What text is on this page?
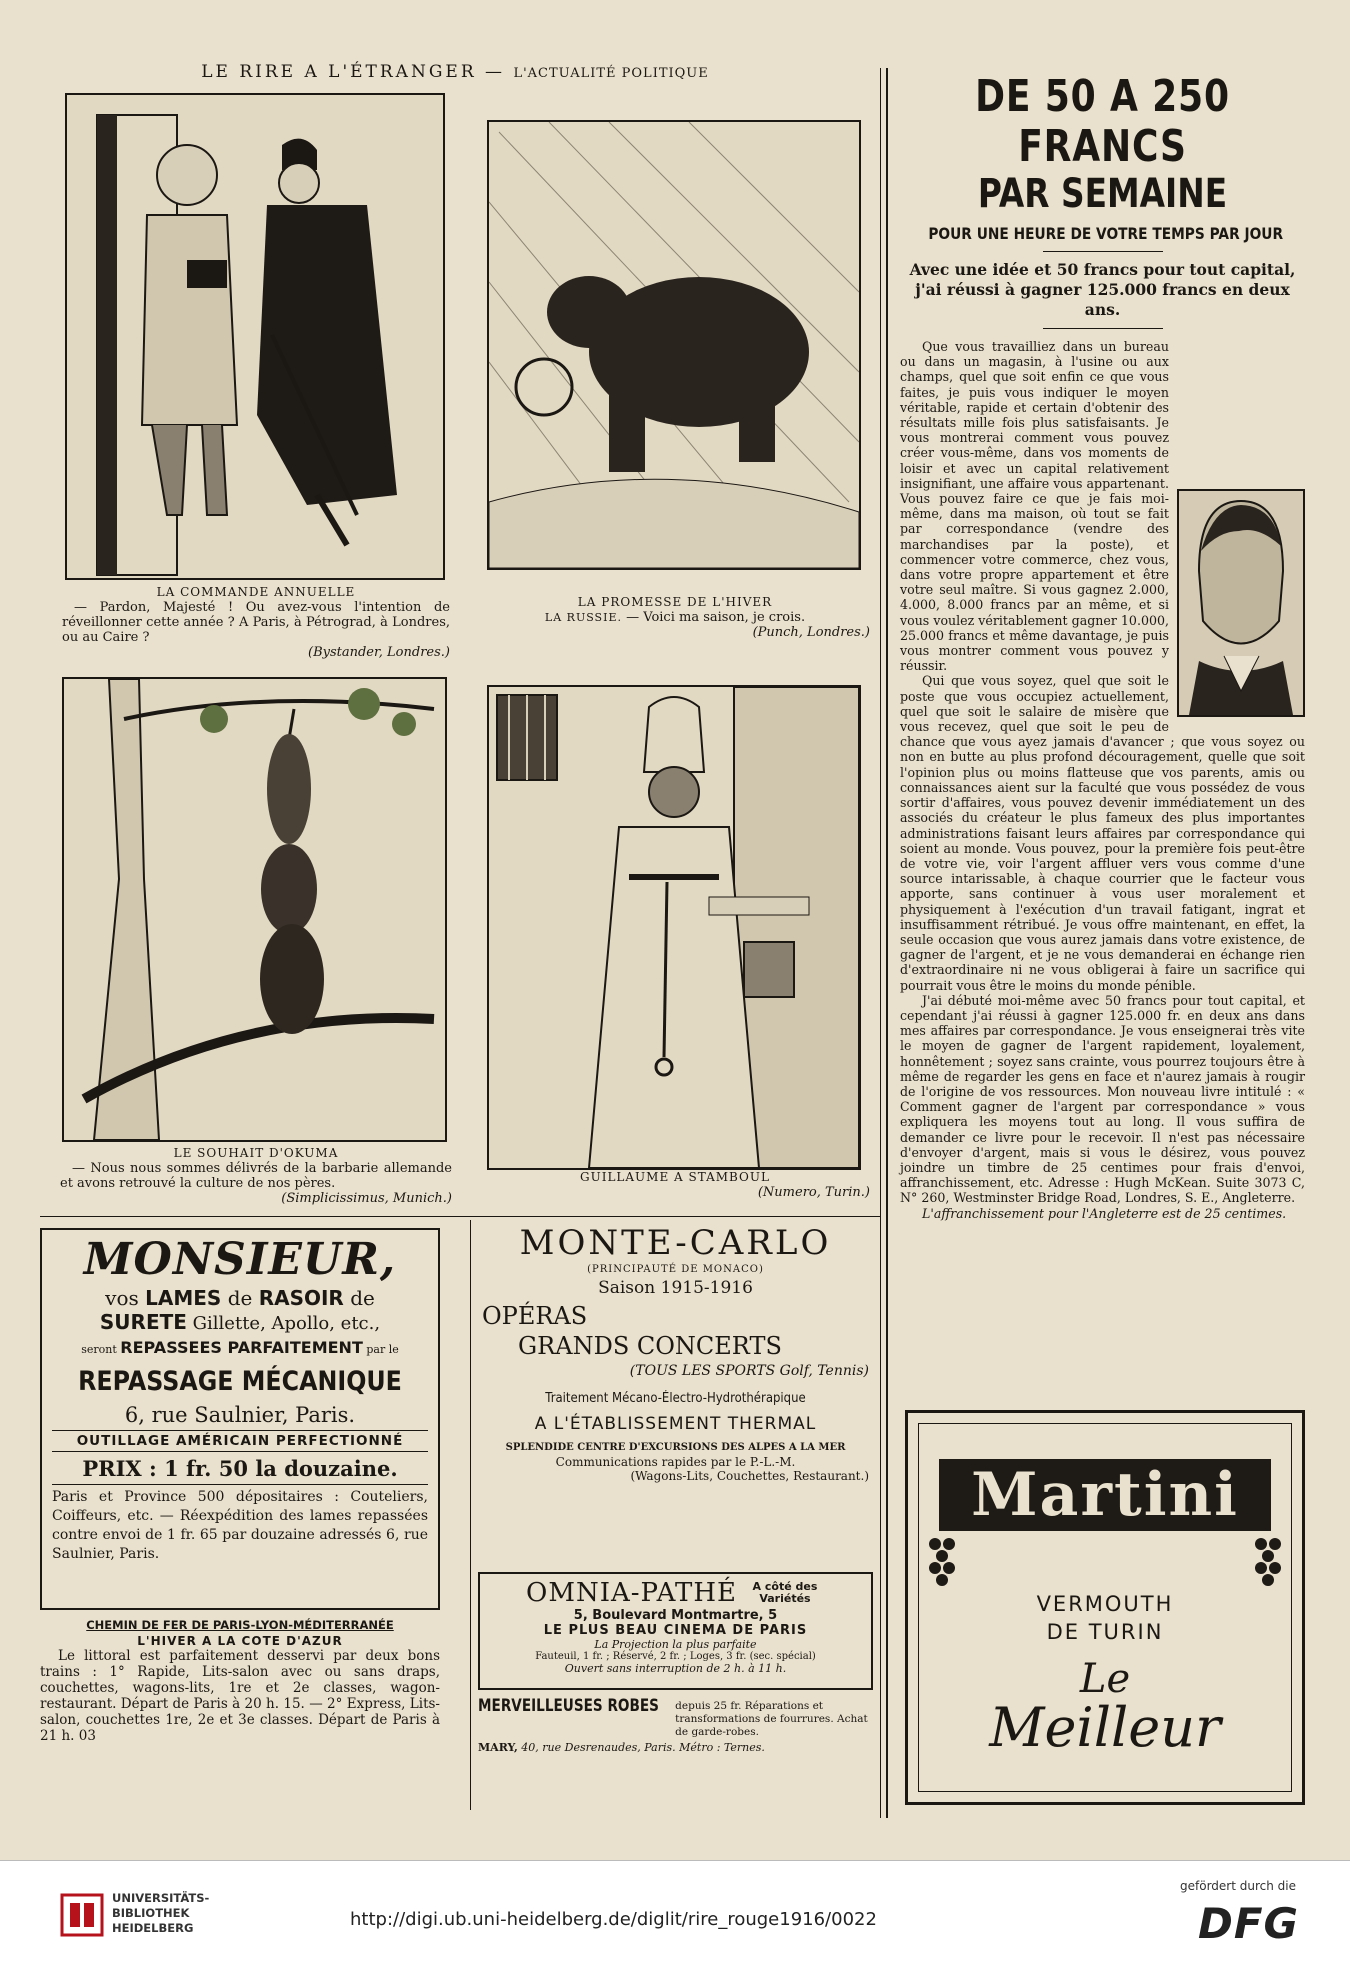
LE RIRE A L'ÉTRANGER — L'ACTUALITÉ POLITIQUE
LA COMMANDE ANNUELLE
— Pardon, Majesté ! Ou avez-vous l'intention de réveillonner cette année ? A Paris, à Pétrograd, à Londres, ou au Caire ?
(Bystander, Londres.)
LA PROMESSE DE L'HIVER
LA RUSSIE. — Voici ma saison, je crois.
(Punch, Londres.)
LE SOUHAIT D'OKUMA
— Nous nous sommes délivrés de la barbarie allemande et avons retrouvé la culture de nos pères.
(Simplicissimus, Munich.)
GUILLAUME A STAMBOUL
(Numero, Turin.)
DE 50 A 250 FRANCS
PAR SEMAINE
POUR UNE HEURE DE VOTRE TEMPS PAR JOUR
Avec une idée et 50 francs pour tout capital, j'ai réussi à gagner 125.000 francs en deux ans.

Que vous travailliez dans un bureau ou dans un magasin, à l'usine ou aux champs, quel que soit enfin ce que vous faites, je puis vous indiquer le moyen véritable, rapide et certain d'obtenir des résultats mille fois plus satisfaisants. Je vous montrerai comment vous pouvez créer vous-même, dans vos moments de loisir et avec un capital relativement insignifiant, une affaire vous appartenant. Vous pouvez faire ce que je fais moi-même, dans ma maison, où tout se fait par correspondance (vendre des marchandises par la poste), et commencer votre commerce, chez vous, dans votre propre appartement et être votre seul maître. Si vous gagnez 2.000, 4.000, 8.000 francs par an même, et si vous voulez véritablement gagner 10.000, 25.000 francs et même davantage, je puis vous montrer comment vous pouvez y réussir.

Qui que vous soyez, quel que soit le poste que vous occupiez actuellement, quel que soit le salaire de misère que vous recevez, quel que soit le peu de chance que vous ayez jamais d'avancer ; que vous soyez ou non en butte au plus profond découragement, quelle que soit l'opinion plus ou moins flatteuse que vos parents, amis ou connaissances aient sur la faculté que vous possédez de vous sortir d'affaires, vous pouvez devenir immédiatement un des associés du créateur le plus fameux des plus importantes administrations faisant leurs affaires par correspondance qui soient au monde. Vous pouvez, pour la première fois peut-être de votre vie, voir l'argent affluer vers vous comme d'une source intarissable, à chaque courrier que le facteur vous apporte, sans continuer à vous user moralement et physiquement à l'exécution d'un travail fatigant, ingrat et insuffisamment rétribué. Je vous offre maintenant, en effet, la seule occasion que vous aurez jamais dans votre existence, de gagner de l'argent, et je ne vous demanderai en échange rien d'extraordinaire ni ne vous obligerai à faire un sacrifice qui pourrait vous être le moins du monde pénible.

J'ai débuté moi-même avec 50 francs pour tout capital, et cependant j'ai réussi à gagner 125.000 fr. en deux ans dans mes affaires par correspondance. Je vous enseignerai très vite le moyen de gagner de l'argent rapidement, loyalement, honnêtement ; soyez sans crainte, vous pourrez toujours être à même de regarder les gens en face et n'aurez jamais à rougir de l'origine de vos ressources. Mon nouveau livre intitulé : « Comment gagner de l'argent par correspondance » vous expliquera les moyens tout au long. Il vous suffira de demander ce livre pour le recevoir. Il n'est pas nécessaire d'envoyer d'argent, mais si vous le désirez, vous pouvez joindre un timbre de 25 centimes pour frais d'envoi, affranchissement, etc. Adresse : Hugh McKean. Suite 3073 C, N° 260, Westminster Bridge Road, Londres, S. E., Angleterre.

L'affranchissement pour l'Angleterre est de 25 centimes.

MONSIEUR,
vos LAMES de RASOIR de
SURETE Gillette, Apollo, etc.,
seront REPASSEES PARFAITEMENT par le
REPASSAGE MÉCANIQUE
6, rue Saulnier, Paris.
OUTILLAGE AMÉRICAIN PERFECTIONNÉ
PRIX : 1 fr. 50 la douzaine.
Paris et Province 500 dépositaires : Couteliers, Coiffeurs, etc. — Réexpédition des lames repassées contre envoi de 1 fr. 65 par douzaine adressés 6, rue Saulnier, Paris.
CHEMIN DE FER DE PARIS-LYON-MÉDITERRANÉE
L'HIVER A LA COTE D'AZUR
Le littoral est parfaitement desservi par deux bons trains : 1° Rapide, Lits-salon avec ou sans draps, couchettes, wagons-lits, 1re et 2e classes, wagon-restaurant. Départ de Paris à 20 h. 15. — 2° Express, Lits-salon, couchettes 1re, 2e et 3e classes. Départ de Paris à 21 h. 03
MONTE-CARLO
(PRINCIPAUTÉ DE MONACO)
Saison 1915-1916
OPÉRAS
GRANDS CONCERTS
(TOUS LES SPORTS Golf, Tennis)
Traitement Mécano-Électro-Hydrothérapique
A L'ÉTABLISSEMENT THERMAL
SPLENDIDE CENTRE D'EXCURSIONS DES ALPES A LA MER
Communications rapides par le P.-L.-M.
(Wagons-Lits, Couchettes, Restaurant.)
OMNIA-PATHÉ	A côté des Variétés
5, Boulevard Montmartre, 5
LE PLUS BEAU CINEMA DE PARIS
La Projection la plus parfaite
Fauteuil, 1 fr. ; Réservé, 2 fr. ; Loges, 3 fr. (sec. spécial)
Ouvert sans interruption de 2 h. à 11 h.
MERVEILLEUSES ROBES depuis 25 fr. Réparations et transformations de fourrures. Achat de garde-robes.
MARY, 40, rue Desrenaudes, Paris. Métro : Ternes.
Martini
VERMOUTH
DE TURIN
Le
Meilleur
UNIVERSITÄTS-
BIBLIOTHEK
HEIDELBERG	http://digi.ub.uni-heidelberg.de/diglit/rire_rouge1916/0022
gefördert durch die
DFG
